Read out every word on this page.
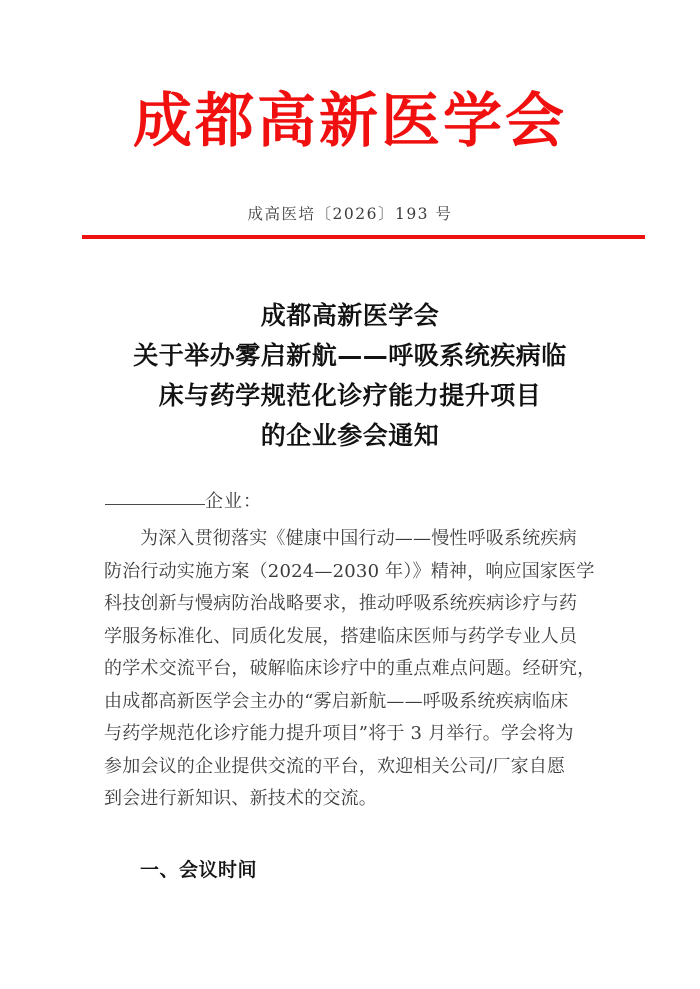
成都高新医学会
成高医培〔2026〕193 号
成都高新医学会
关于举办雾启新航——呼吸系统疾病临
床与药学规范化诊疗能力提升项目
的企业参会通知
企业：
为深入贯彻落实《健康中国行动——慢性呼吸系统疾病
防治行动实施方案（2024—2030 年）》精神，响应国家医学
科技创新与慢病防治战略要求，推动呼吸系统疾病诊疗与药
学服务标准化、同质化发展，搭建临床医师与药学专业人员
的学术交流平台，破解临床诊疗中的重点难点问题。经研究，
由成都高新医学会主办的“雾启新航——呼吸系统疾病临床
与药学规范化诊疗能力提升项目”将于 3 月举行。学会将为
参加会议的企业提供交流的平台，欢迎相关公司/厂家自愿
到会进行新知识、新技术的交流。
一、会议时间
